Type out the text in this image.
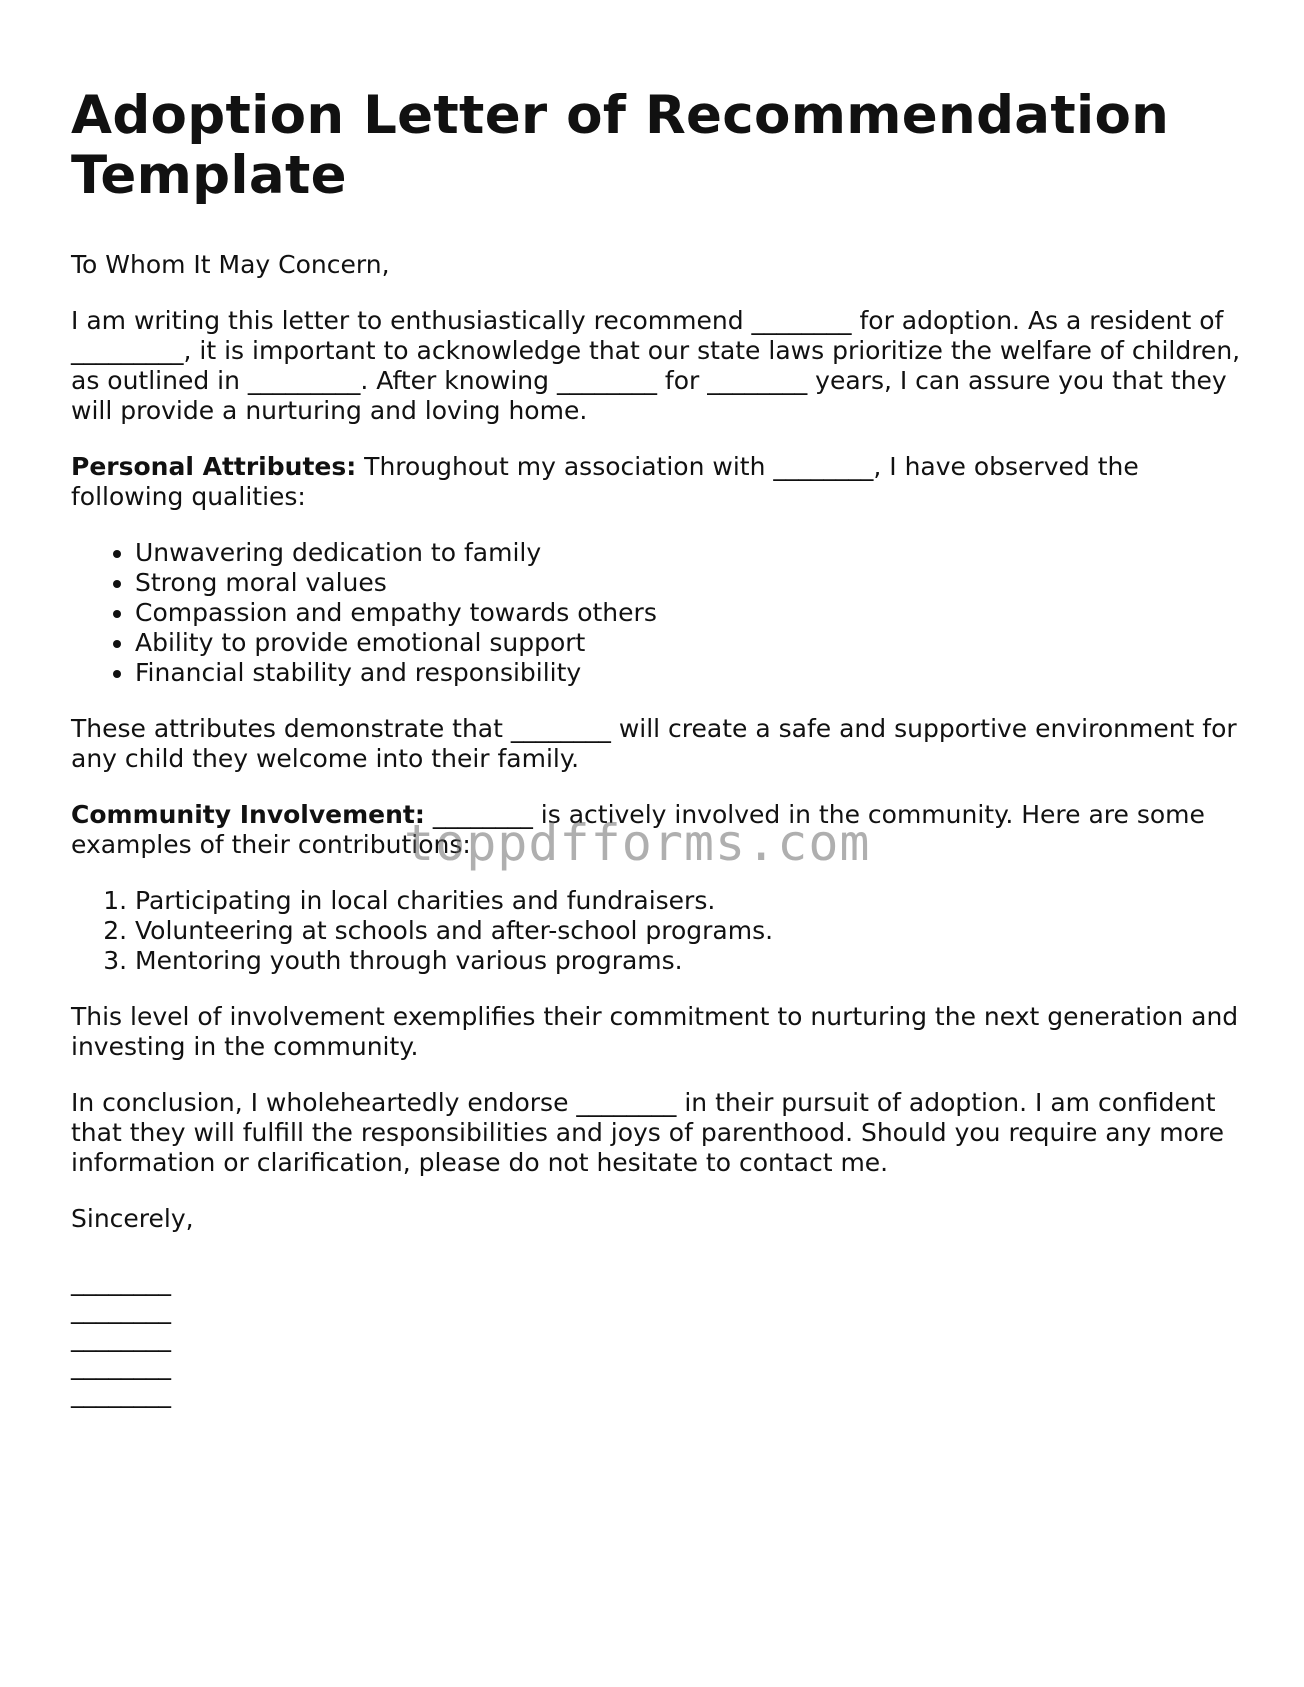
Adoption Letter of Recommendation Template

To Whom It May Concern,

I am writing this letter to enthusiastically recommend ________ for adoption. As a resident of _________, it is important to acknowledge that our state laws prioritize the welfare of children, as outlined in _________. After knowing ________ for ________ years, I can assure you that they will provide a nurturing and loving home.

Personal Attributes: Throughout my association with ________, I have observed the following qualities:

• Unwavering dedication to family
• Strong moral values
• Compassion and empathy towards others
• Ability to provide emotional support
• Financial stability and responsibility

These attributes demonstrate that ________ will create a safe and supportive environment for any child they welcome into their family.

Community Involvement: ________ is actively involved in the community. Here are some examples of their contributions:

1. Participating in local charities and fundraisers.
2. Volunteering at schools and after-school programs.
3. Mentoring youth through various programs.

This level of involvement exemplifies their commitment to nurturing the next generation and investing in the community.

In conclusion, I wholeheartedly endorse ________ in their pursuit of adoption. I am confident that they will fulfill the responsibilities and joys of parenthood. Should you require any more information or clarification, please do not hesitate to contact me.

Sincerely,

________
________
________
________
________
toppdfforms.com
